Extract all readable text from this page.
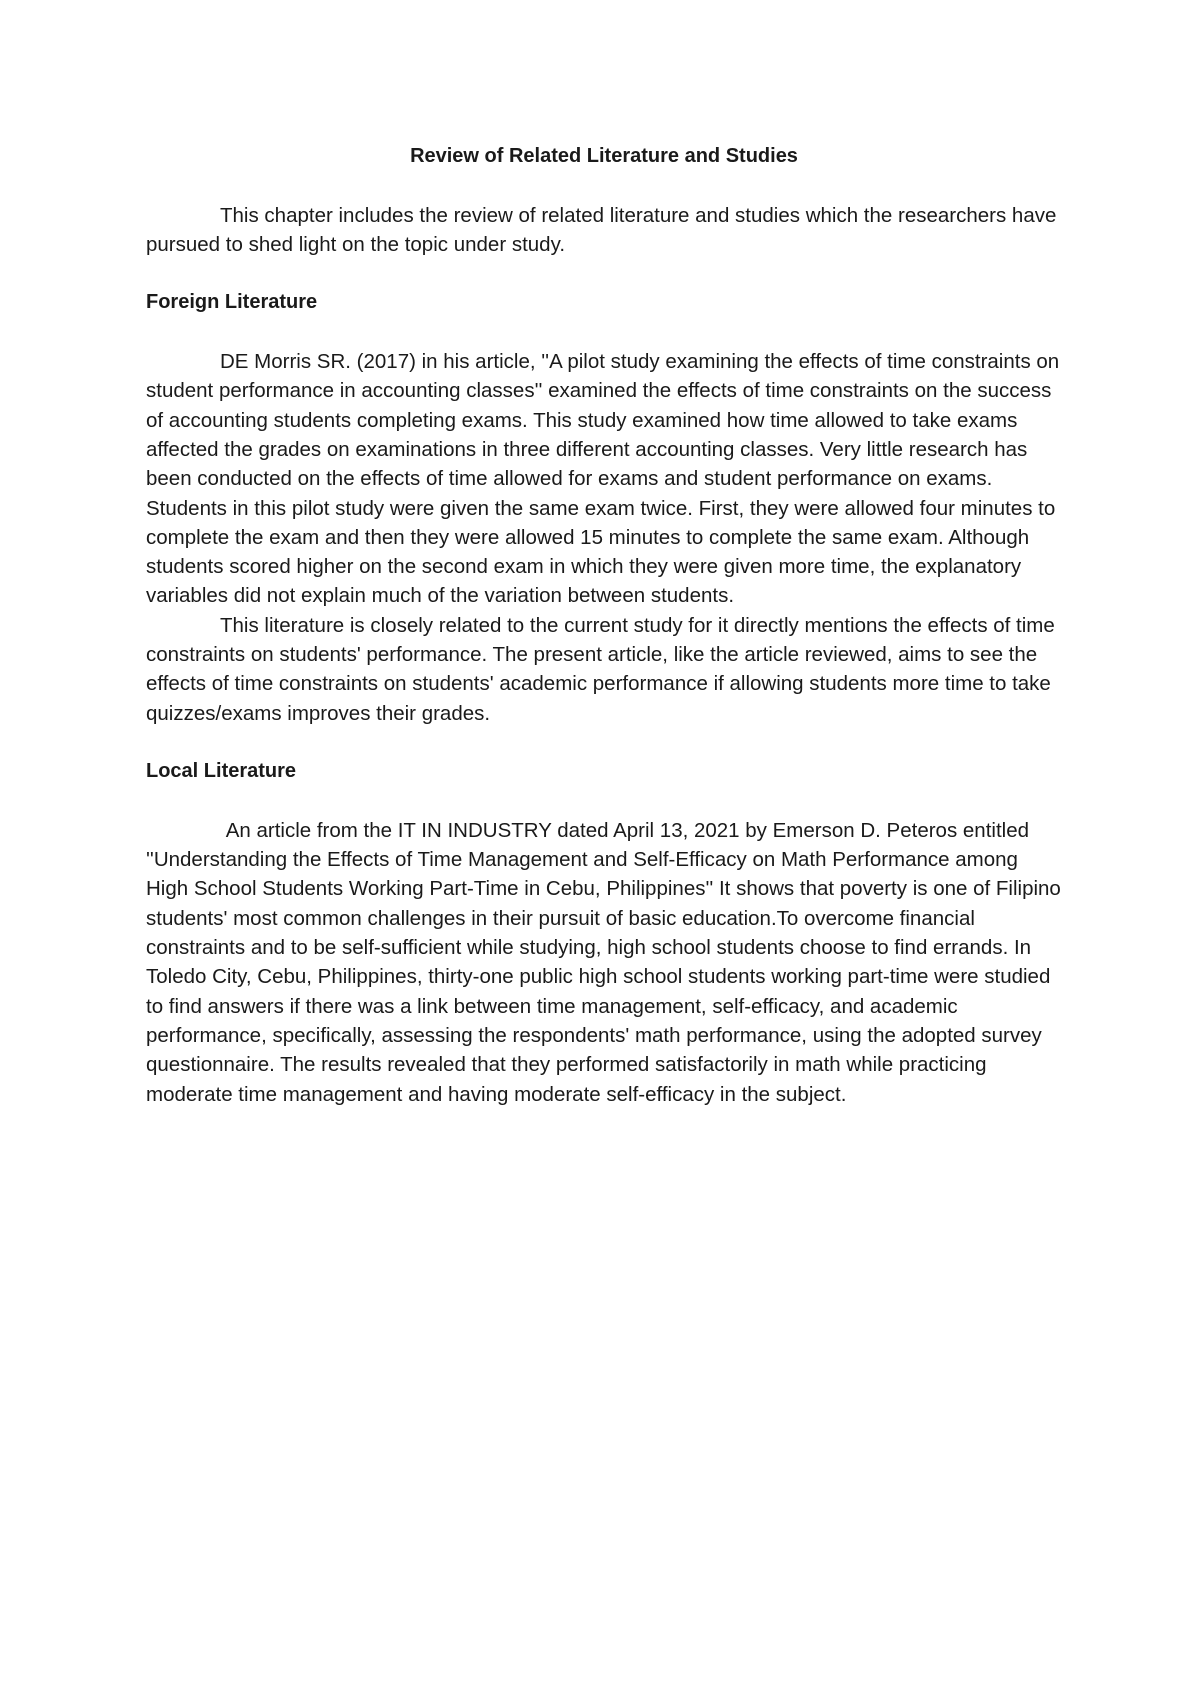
Review of Related Literature and Studies

This chapter includes the review of related literature and studies which the researchers have pursued to shed light on the topic under study.

Foreign Literature

DE Morris SR. (2017) in his article, ''A pilot study examining the effects of time constraints on student performance in accounting classes'' examined the effects of time constraints on the success of accounting students completing exams. This study examined how time allowed to take exams affected the grades on examinations in three different accounting classes. Very little research has been conducted on the effects of time allowed for exams and student performance on exams. Students in this pilot study were given the same exam twice. First, they were allowed four minutes to complete the exam and then they were allowed 15 minutes to complete the same exam. Although students scored higher on the second exam in which they were given more time, the explanatory variables did not explain much of the variation between students.

This literature is closely related to the current study for it directly mentions the effects of time constraints on students' performance. The present article, like the article reviewed, aims to see the effects of time constraints on students' academic performance if allowing students more time to take quizzes/exams improves their grades.

Local Literature

An article from the IT IN INDUSTRY dated April 13, 2021 by Emerson D. Peteros entitled ''Understanding the Effects of Time Management and Self-Efficacy on Math Performance among High School Students Working Part-Time in Cebu, Philippines'' It shows that poverty is one of Filipino students' most common challenges in their pursuit of basic education.To overcome financial constraints and to be self-sufficient while studying, high school students choose to find errands. In Toledo City, Cebu, Philippines, thirty-one public high school students working part-time were studied to find answers if there was a link between time management, self-efficacy, and academic performance, specifically, assessing the respondents' math performance, using the adopted survey questionnaire. The results revealed that they performed satisfactorily in math while practicing moderate time management and having moderate self-efficacy in the subject.
